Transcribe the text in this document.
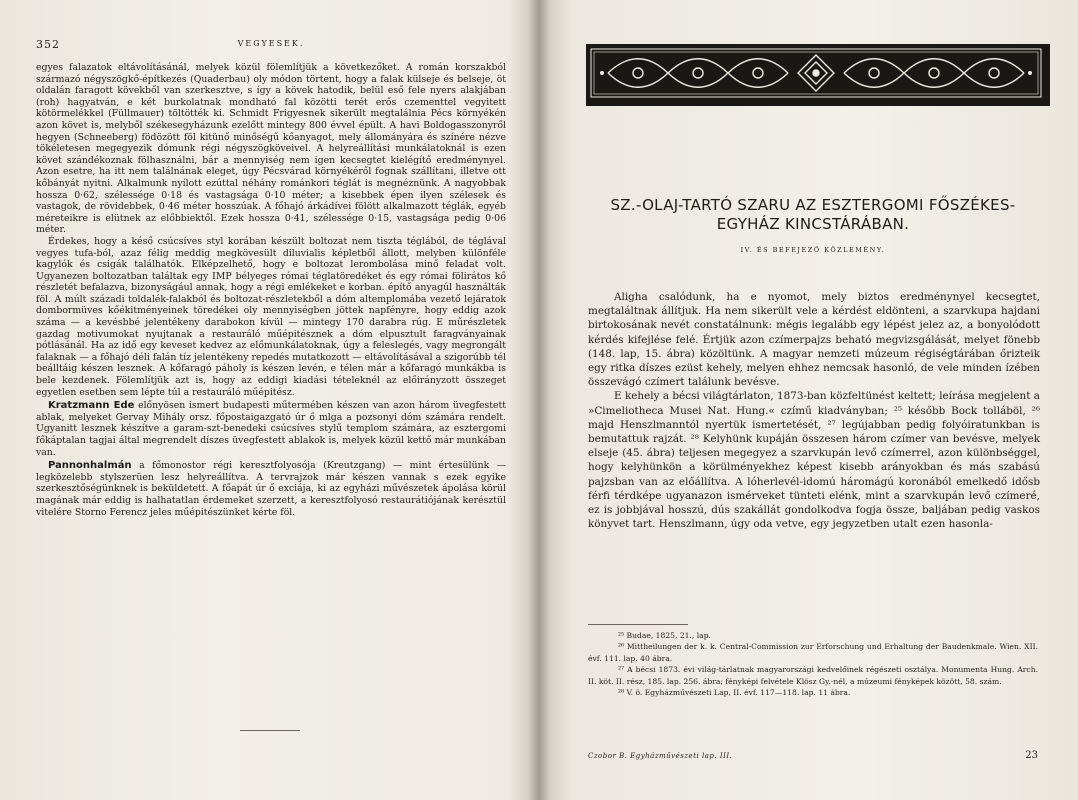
352	VEGYESEK.

egyes falazatok eltávolításánál, melyek közül fölemlítjük a következőket. A román korszakból származó négyszögkő-építkezés (Quaderbau) oly módon törtent, hogy a falak külseje és belseje, öt oldalán faragott kövekből van szerkesztve, s így a kövek hatodik, belül eső fele nyers alakjában (roh) hagyatván, e két burkolatnak mondható fal közötti terét erős czementtel vegyitett kötörmelékkel (Füllmauer) töltötték ki. Schmidt Frigyesnek sikerült megtalálnia Pécs környékén azon követ is, melyből székesegyházunk ezelőtt mintegy 800 évvel épült. A havi Boldogasszonyről hegyen (Schneeberg) födözött föl kitünő minőségű kőanyagot, mely állományára és színére nézve tökéletesen megegyezik dómunk régi négyszögköveivel. A helyreállítási munkálatoknál is ezen követ szándékoznak fölhasználni, bár a mennyiség nem igen kecsegtet kielégítő eredménynyel. Azon esetre, ha itt nem találnának eleget, úgy Pécsvárad környékéről fognak szállítani, illetve ott kőbányát nyitni. Alkalmunk nyílott ezúttal néhány románkori téglát is megnéznünk. A nagyobbak hossza 0·62, szélessége 0·18 és vastagsága 0·10 méter; a kisebbek épen ilyen szélesek és vastagok, de rövidebbek, 0·46 méter hosszúak. A főhajó árkádívei fölött alkalmazott téglák, egyéb méreteikre is elütnek az előbbiektől. Ezek hossza 0·41, szélessége 0·15, vastagsága pedig 0·06 méter.

Érdekes, hogy a késő csúcsíves styl korában készült boltozat nem tiszta téglából, de téglával vegyes tufa-ból, azaz félig meddig megkövesült diluvialis képletből állott, melyben különféle kagylók és csigák találhatók. Elképzelhető, hogy e boltozat lerombolása minő feladat volt. Ugyanezen boltozatban találtak egy IMP bélyeges római téglatöredéket és egy római fölirátos kő részletét befalazva, bizonyságául annak, hogy a régi emlékeket e korban. építő anyagúl használták föl. A múlt századi toldalék-falakból és boltozat-részletekből a dóm altemplomába vezető lejáratok dombormüves kőékitményeinek töredékei oly mennyiségben jöttek napfényre, hogy eddig azok száma — a kevésbbé jelentékeny darabokon kívül — mintegy 170 darabra rúg. E műrészletek gazdag motivumokat nyujtanak a restauráló műépitésznek a dóm elpusztult faragványainak pótlásánál. Ha az idő egy keveset kedvez az előmunkálatoknak, úgy a feleslegés, vagy megrongált falaknak — a főhajó déli falán tíz jelentékeny repedés mutatkozott — eltávolításával a szigorúbb tél beálltáig készen lesznek. A kőfaragó páholy is készen levén, e télen már a kőfaragó munkákba is bele kezdenek. Fölemlítjük azt is, hogy az eddigi kiadási tételeknél az előirányzott összeget egyetlen esetben sem lépte túl a restauráló műépitész.

Kratzmann Ede előnyösen ismert budapesti műtermében készen van azon három üvegfestett ablak, melyeket Gervay Mihály orsz. főpostaigazgató úr ő mlga a pozsonyi dóm számára rendelt. Ugyanitt lesznek készítve a garam-szt-benedeki csúcsíves stylű templom számára, az esztergomi főkáptalan tagjai által megrendelt díszes üvegfestett ablakok is, melyek közül kettő már munkában van.

Pannonhalmán a főmonostor régi keresztfolyosója (Kreutzgang) — mint értesülünk — legközelebb stylszerüen lesz helyreállítva. A tervrajzok már készen vannak s ezek egyike szerkesztőségünknek is beküldetett. A főapát úr ő exciája, ki az egyházi művészetek ápolása körül magának már eddig is halhatatlan érdemeket szerzett, a keresztfolyosó restaurátiójának kerésztül vitelére Storno Ferencz jeles műépitészünket kérte föl.

SZ.-OLAJ-TARTÓ SZARU AZ ESZTERGOMI FŐSZÉKES-
EGYHÁZ KINCSTÁRÁBAN.
IV. ÉS BEFEJEZŐ KÖZLEMÉNY.

Aligha csalódunk, ha e nyomot, mely biztos eredménynyel kecsegtet, megtaláltnak állítjuk. Ha nem sikerült vele a kérdést eldönteni, a szarvkupa hajdani birtokosának nevét constatálnunk: mégis legalább egy lépést jelez az, a bonyolódott kérdés kifejlése felé. Értjük azon czímerpajzs beható megvizsgálását, melyet fönebb (148. lap, 15. ábra) közöltünk. A magyar nemzeti múzeum régiségtárában őrizteik egy ritka díszes ezüst kehely, melyen ehhez nemcsak hasonló, de vele minden ízében összevágó czímert találunk bevésve.

E kehely a bécsi világtárlaton, 1873-ban közfeltünést keltett; leírása megjelent a »Cimeliotheca Musei Nat. Hung.« czímű kiadványban; ²⁵ később Bock tolláböl, ²⁶ majd Henszlmanntól nyertük ismertetését, ²⁷ legújabban pedig folyóiratunkban is bemutattuk rajzát. ²⁸ Kelyhünk kupáján összesen három czímer van bevésve, melyek elseje (45. ábra) teljesen megegyez a szarvkupán levő czímerrel, azon különbséggel, hogy kelyhünkön a körülményekhez képest kisebb arányokban és más szabású pajzsban van az előállítva. A lóherlevél-idomú háromágú koronából emelkedő idősb férfi térdképe ugyanazon ismérveket tünteti elénk, mint a szarvkupán levő czímeré, ez is jobbjával hosszú, dús szakállát gondolkodva fogja össze, baljában pedig vaskos könyvet tart. Henszlmann, úgy oda vetve, egy jegyzetben utalt ezen hasonla-

²⁵ Budae, 1825, 21., lap.

²⁶ Mittheilungen der k. k. Central-Commission zur Erforschung und Erhaltung der Baudenkmale. Wien. XII. évf. 111. lap. 40 ábra.

²⁷ A bécsi 1873. évi világ-tárlatnak magyarországi kedvelőinek régészeti osztálya. Monumenta Hung. Arch. II. köt. II. rész, 185. lap. 256. ábra; fényképi felvétele Klösz Gy.-nél, a múzeumi fényképek között, 58. szám.

²⁸ V. ö. Egyházművészeti Lap, II. évf. 117—118. lap. 11 ábra.

Czobor B. Egyházművészeti lap. III.	23
